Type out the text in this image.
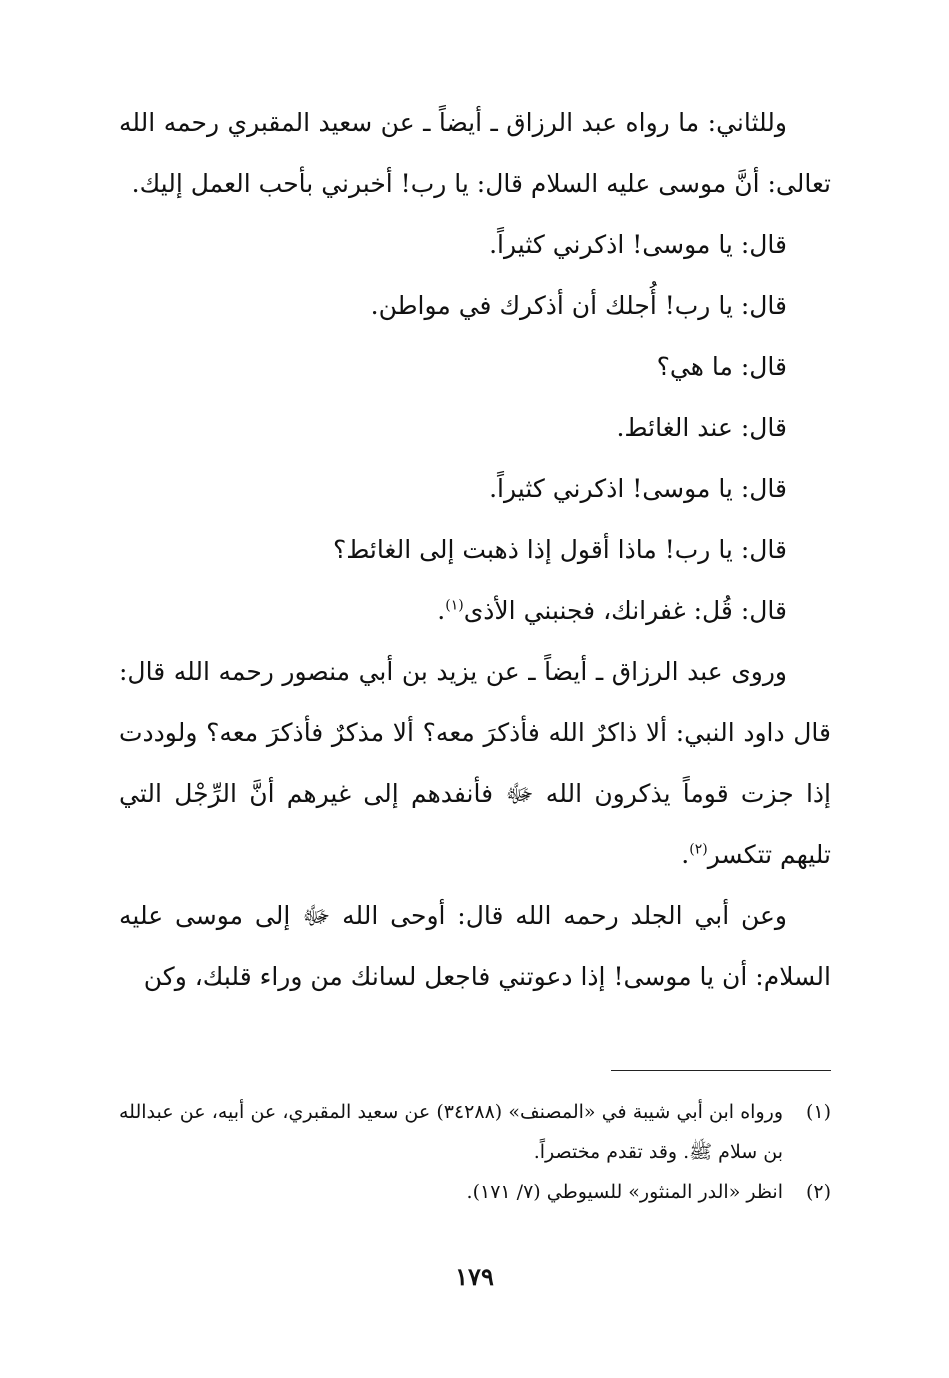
وللثاني: ما رواه عبد الرزاق ـ أيضاً ـ عن سعيد المقبري رحمه الله تعالى: أنَّ موسى عليه السلام قال: يا رب! أخبرني بأحب العمل إليك.

قال: يا موسى! اذكرني كثيراً.

قال: يا رب! أُجلك أن أذكرك في مواطن.

قال: ما هي؟

قال: عند الغائط.

قال: يا موسى! اذكرني كثيراً.

قال: يا رب! ماذا أقول إذا ذهبت إلى الغائط؟

قال: قُل: غفرانك، فجنبني الأذى$^{(١)}$.

وروى عبد الرزاق ـ أيضاً ـ عن يزيد بن أبي منصور رحمه الله قال: قال داود النبي: ألا ذاكرٌ الله فأذكرَ معه؟ ألا مذكرٌ فأذكرَ معه؟ ولوددت إذا جزت قوماً يذكرون الله ﷻ فأنفدهم إلى غيرهم أنَّ الرِّجْل التي تليهم تتكسر$^{(٢)}$.

وعن أبي الجلد رحمه الله قال: أوحى الله ﷻ إلى موسى عليه السلام: أن يا موسى! إذا دعوتني فاجعل لسانك من وراء قلبك، وكن

(١)
ورواه ابن أبي شيبة في «المصنف» (٣٤٢٨٨) عن سعيد المقبري، عن أبيه، عن عبدالله بن سلام ﷺ. وقد تقدم مختصراً.
(٢)
انظر «الدر المنثور» للسيوطي (٧/ ١٧١).
١٧٩
